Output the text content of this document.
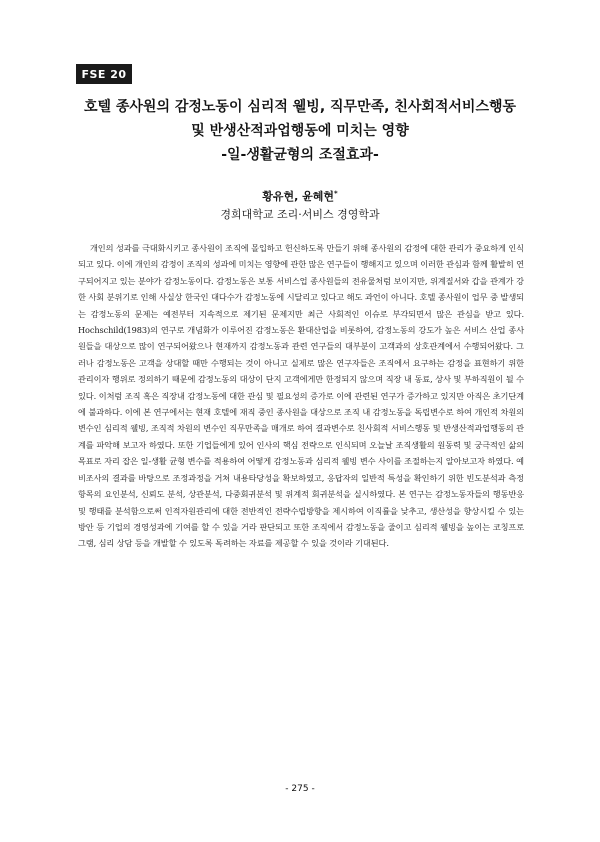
FSE 20
호텔 종사원의 감정노동이 심리적 웰빙, 직무만족, 친사회적서비스행동
및 반생산적과업행동에 미치는 영향
-일-생활균형의 조절효과-
황유현, 윤혜현*
경희대학교 조리·서비스 경영학과

개인의 성과를 극대화시키고 종사원이 조직에 몰입하고 헌신하도록 만들기 위해 종사원의 감정에 대한 관리가 중요하게 인식되고 있다. 이에 개인의 감정이 조직의 성과에 미치는 영향에 관한 많은 연구들이 행해지고 있으며 이러한 관심과 함께 활발히 연구되어지고 있는 분야가 감정노동이다. 감정노동은 보통 서비스업 종사원들의 전유물처럼 보이지만, 위계질서와 갑을 관계가 강한 사회 분위기로 인해 사실상 한국인 대다수가 감정노동에 시달리고 있다고 해도 과언이 아니다. 호텔 종사원이 업무 중 발생되는 감정노동의 문제는 예전부터 지속적으로 제기된 문제지만 최근 사회적인 이슈로 부각되면서 많은 관심을 받고 있다. Hochschild(1983)의 연구로 개념화가 이루어진 감정노동은 환대산업을 비롯하여, 감정노동의 강도가 높은 서비스 산업 종사원들을 대상으로 많이 연구되어왔으나 현재까지 감정노동과 관련 연구들의 대부분이 고객과의 상호관계에서 수행되어왔다. 그러나 감정노동은 고객을 상대할 때만 수행되는 것이 아니고 실제로 많은 연구자들은 조직에서 요구하는 감정을 표현하기 위한 관리이자 행위로 정의하기 때문에 감정노동의 대상이 단지 고객에게만 한정되지 않으며 직장 내 동료, 상사 및 부하직원이 될 수 있다. 이처럼 조직 혹은 직장내 감정노동에 대한 관심 및 필요성의 증가로 이에 관련된 연구가 증가하고 있지만 아직은 초기단계에 불과하다. 이에 본 연구에서는 현재 호텔에 재직 중인 종사원을 대상으로 조직 내 감정노동을 독립변수로 하여 개인적 차원의 변수인 심리적 웰빙, 조직적 차원의 변수인 직무만족을 매개로 하여 결과변수로 친사회적 서비스행동 및 반생산적과업행동의 관계를 파악해 보고자 하였다. 또한 기업들에게 있어 인사의 핵심 전략으로 인식되며 오늘날 조직생활의 원동력 및 궁극적인 삶의 목표로 자리 잡은 일-생활 균형 변수를 적용하여 어떻게 감정노동과 심리적 웰빙 변수 사이를 조절하는지 알아보고자 하였다. 예비조사의 결과를 바탕으로 조정과정을 거쳐 내용타당성을 확보하였고, 응답자의 일반적 특성을 확인하기 위한 빈도분석과 측정항목의 요인분석, 신뢰도 분석, 상관분석, 다중회귀분석 및 위계적 회귀분석을 실시하였다. 본 연구는 감정노동자들의 행동반응 및 행태를 분석함으로써 인적자원관리에 대한 전반적인 전략수립방향을 제시하여 이직률을 낮추고, 생산성을 향상시킬 수 있는 방안 등 기업의 경영성과에 기여를 할 수 있을 거라 판단되고 또한 조직에서 감정노동을 줄이고 심리적 웰빙을 높이는 코칭프로그램, 심리 상담 등을 개발할 수 있도록 독려하는 자료를 제공할 수 있을 것이라 기대된다.

- 275 -
